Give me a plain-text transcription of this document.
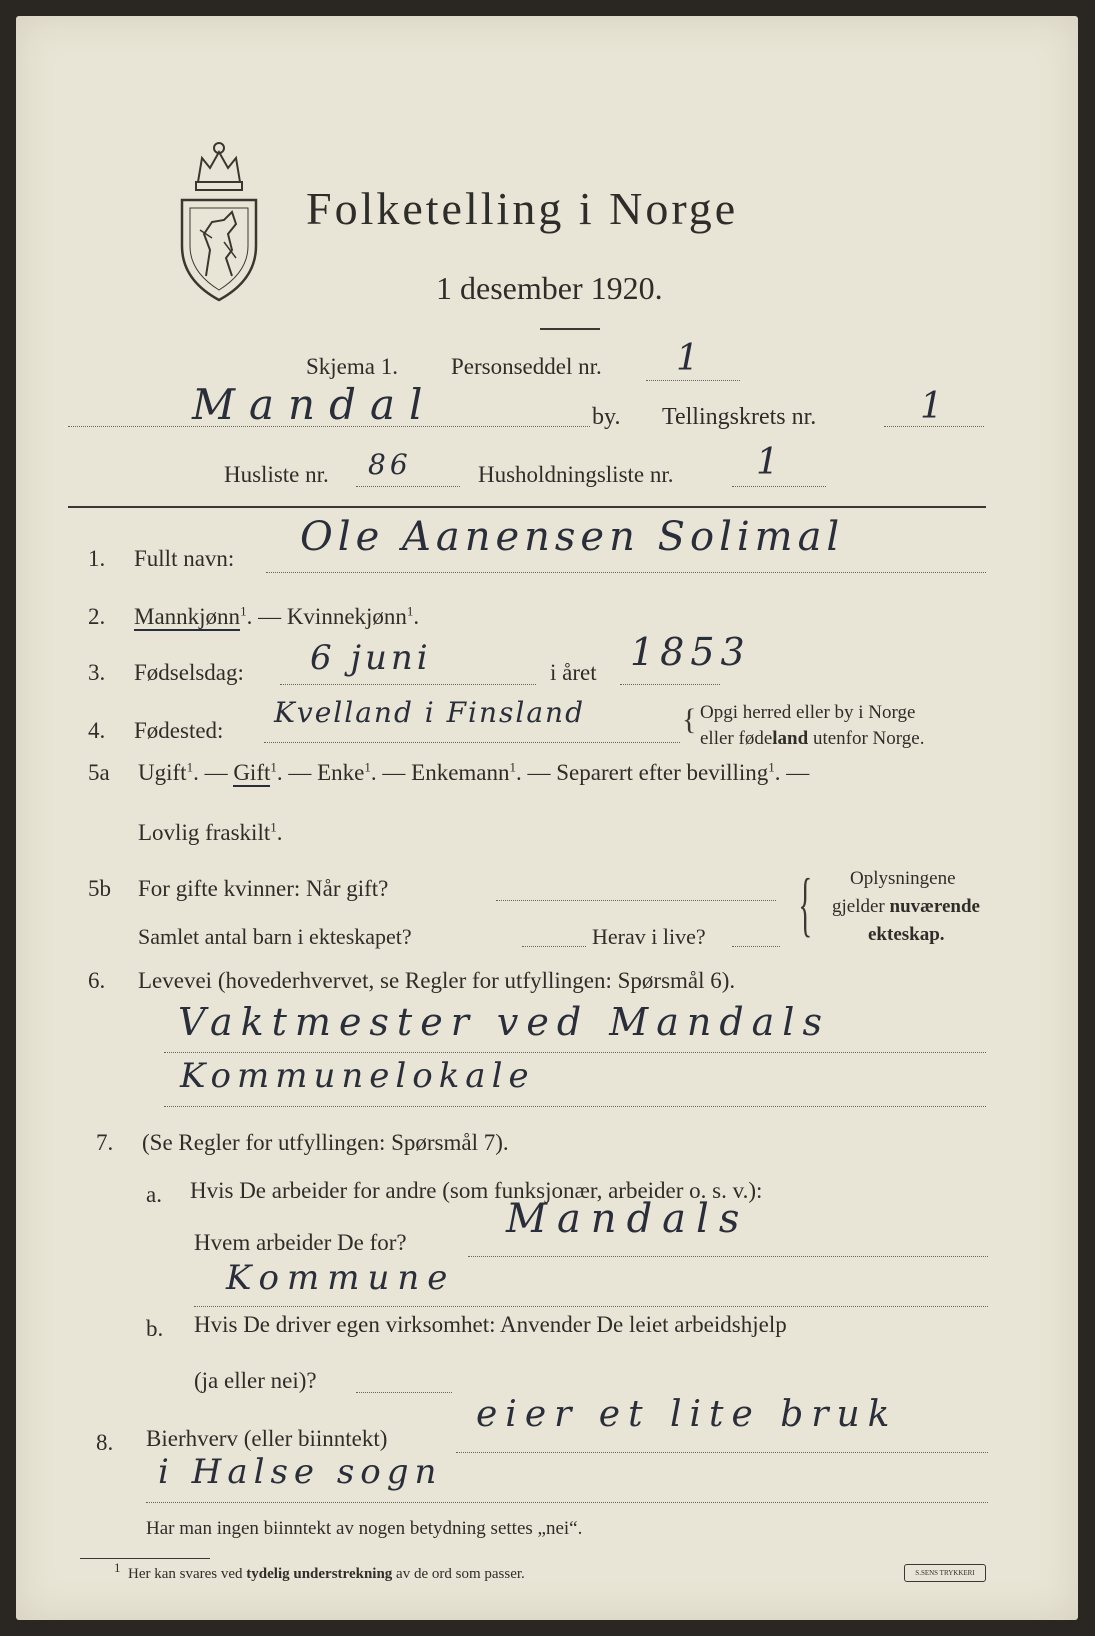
Folketelling i Norge
1 desember 1920.
Skjema 1. Personseddel nr. 1
Mandal	by. Tellingskrets nr.	1
Husliste nr. 86	Husholdningsliste nr. 1
1. Fullt navn: Ole Aanensen Solimal
2. Mannkjønn$^1$. — Kvinnekjønn$^1$.
3. Fødselsdag: 6 juni	i året 1853
4. Fødested:
Kvelland i Finsland	{ Opgi herred eller by i Norge
eller fødeland utenfor Norge.
5a Ugift$^1$. — Gift$^1$. — Enke$^1$. — Enkemann$^1$. — Separert efter bevilling$^1$. —
Lovlig fraskilt$^1$.
5b For gifte kvinner: Når gift?
Samlet antal barn i ekteskapet?	Herav i live? { Oplysningene
gjelder nuværende
ekteskap.
6. Levevei (hovederhvervet, se Regler for utfyllingen: Spørsmål 6).
Vaktmester ved Mandals
Kommunelokale
7. (Se Regler for utfyllingen: Spørsmål 7).
a. Hvis De arbeider for andre (som funksjonær, arbeider o. s. v.):
Hvem arbeider De for?
Mandals
Kommune
b. Hvis De driver egen virksomhet: Anvender De leiet arbeidshjelp
(ja eller nei)?
8. Bierhverv (eller biinntekt)
eier et lite bruk
i Halse sogn
Har man ingen biinntekt av nogen betydning settes „nei“.
1 Her kan svares ved tydelig understrekning av de ord som passer.	S.SENS TRYKKERI
